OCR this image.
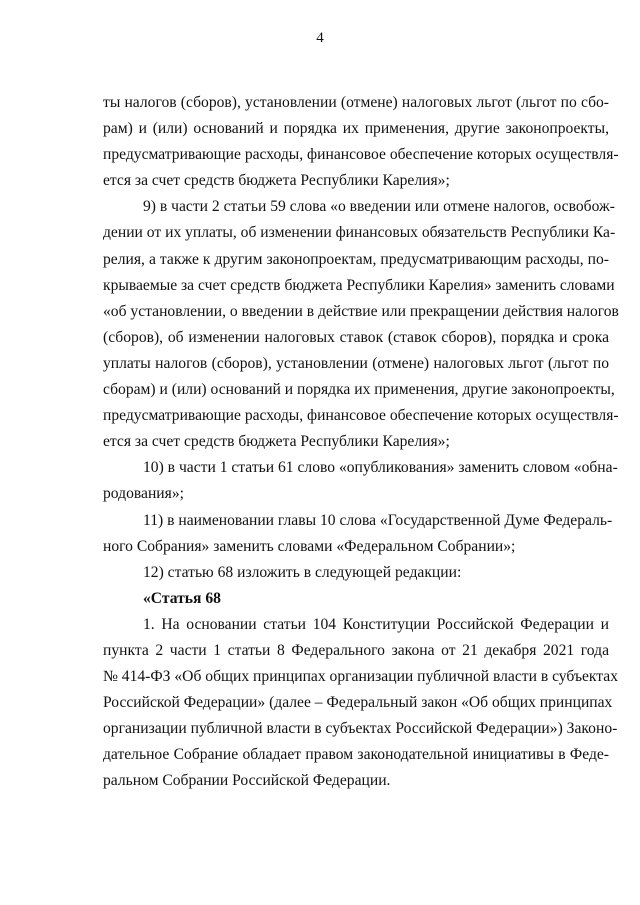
4
ты налогов (сборов), установлении (отмене) налоговых льгот (льгот по сбо-
рам) и (или) оснований и порядка их применения, другие законопроекты,
предусматривающие расходы, финансовое обеспечение которых осуществля-
ется за счет средств бюджета Республики Карелия»;
9) в части 2 статьи 59 слова «о введении или отмене налогов, освобож-
дении от их уплаты, об изменении финансовых обязательств Республики Ка-
релия, а также к другим законопроектам, предусматривающим расходы, по-
крываемые за счет средств бюджета Республики Карелия» заменить словами
«об установлении, о введении в действие или прекращении действия налогов
(сборов), об изменении налоговых ставок (ставок сборов), порядка и срока
уплаты налогов (сборов), установлении (отмене) налоговых льгот (льгот по
сборам) и (или) оснований и порядка их применения, другие законопроекты,
предусматривающие расходы, финансовое обеспечение которых осуществля-
ется за счет средств бюджета Республики Карелия»;
10) в части 1 статьи 61 слово «опубликования» заменить словом «обна-
родования»;
11) в наименовании главы 10 слова «Государственной Думе Федераль-
ного Собрания» заменить словами «Федеральном Собрании»;
12) статью 68 изложить в следующей редакции:
«Статья 68
1. На основании статьи 104 Конституции Российской Федерации и
пункта 2 части 1 статьи 8 Федерального закона от 21 декабря 2021 года
№ 414-ФЗ «Об общих принципах организации публичной власти в субъектах
Российской Федерации» (далее – Федеральный закон «Об общих принципах
организации публичной власти в субъектах Российской Федерации») Законо-
дательное Собрание обладает правом законодательной инициативы в Феде-
ральном Собрании Российской Федерации.
